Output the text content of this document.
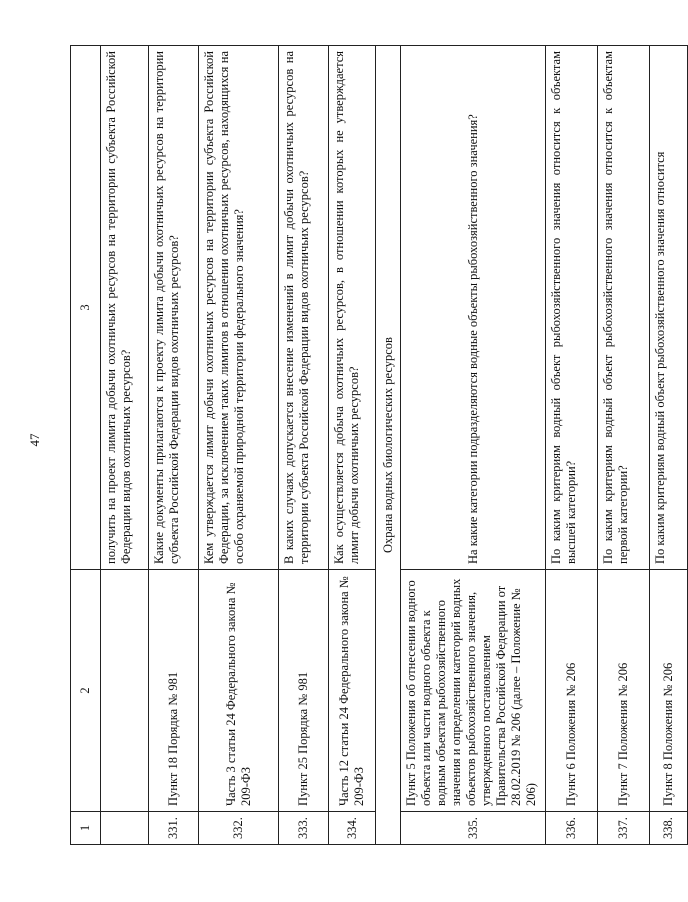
47
1	2	3
		получить на проект лимита добычи охотничьих ресурсов на территории субъекта Российской Федерации видов охотничьих ресурсов?
331.	Пункт 18 Порядка № 981	Какие документы прилагаются к проекту лимита добычи охотничьих ресурсов на территории субъекта Российской Федерации видов охотничьих ресурсов?
332.	Часть 3 статьи 24 Федерального закона № 209-ФЗ	Кем утверждается лимит добычи охотничьих ресурсов на территории субъекта Российской Федерации, за исключением таких лимитов в отношении охотничьих ресурсов, находящихся на особо охраняемой природной территории федерального значения?
333.	Пункт 25 Порядка № 981	В каких случаях допускается внесение изменений в лимит добычи охотничьих ресурсов на территории субъекта Российской Федерации видов охотничьих ресурсов?
334.	Часть 12 статьи 24 Федерального закона № 209-ФЗ	Как осуществляется добыча охотничьих ресурсов, в отношении которых не утверждается лимит добычи охотничьих ресурсов?
Охрана водных биологических ресурсов		
335.	Пункт 5 Положения об отнесении водного объекта или части водного объекта к водным объектам рыбохозяйственного значения и определении категорий водных объектов рыбохозяйственного значения, утвержденного постановлением Правительства Российской Федерации от 28.02.2019 № 206 (далее – Положение № 206)	На какие категории подразделяются водные объекты рыбохозяйственного значения?
336.	Пункт 6 Положения № 206	По каким критериям водный объект рыбохозяйственного значения относится к объектам высшей категории?
337.	Пункт 7 Положения № 206	По каким критериям водный объект рыбохозяйственного значения относится к объектам первой категории?
338.	Пункт 8 Положения № 206	По каким критериям водный объект рыбохозяйственного значения относится
